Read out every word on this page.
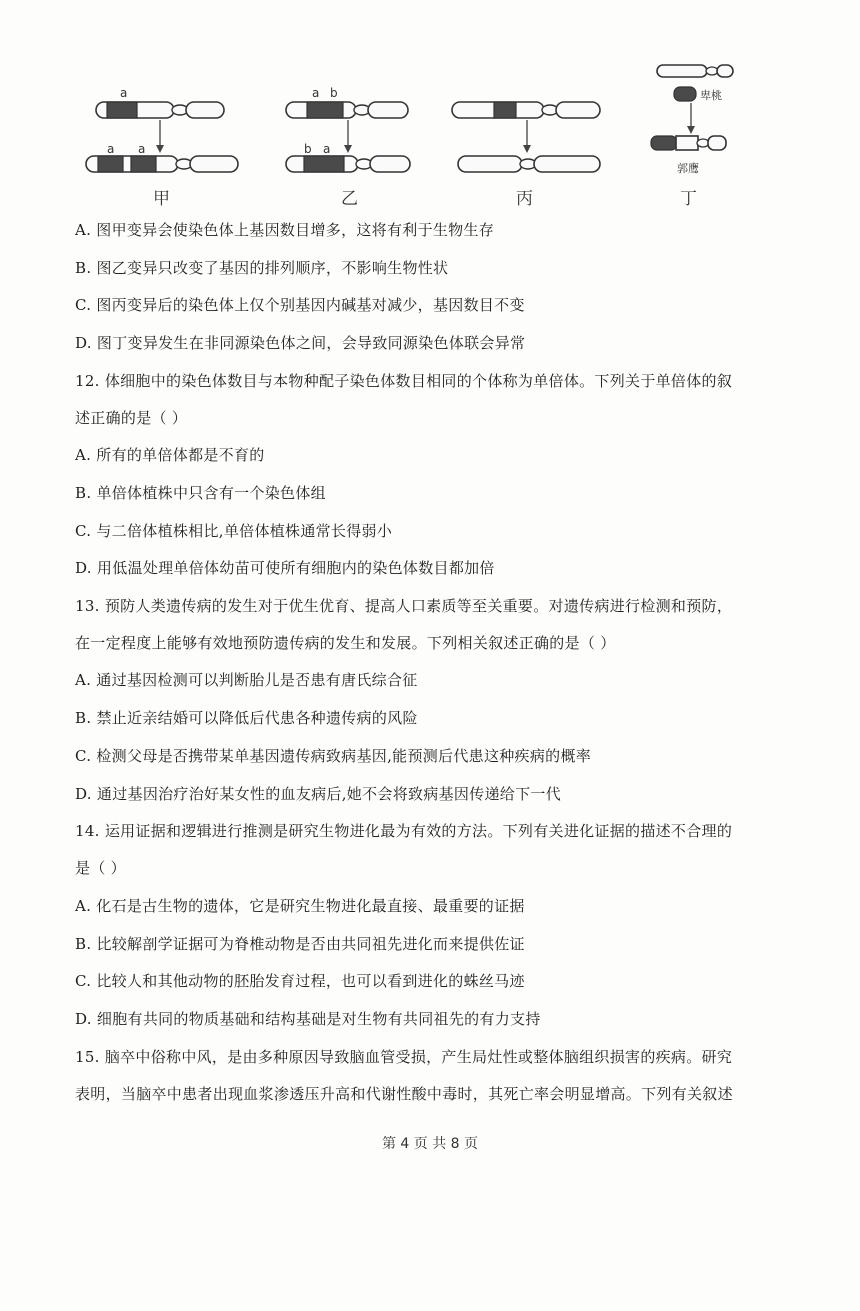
a
a a
a b
b a
卑桃
郭鹰
甲	乙	丙	丁
A. 图甲变异会使染色体上基因数目增多，这将有利于生物生存
B. 图乙变异只改变了基因的排列顺序，不影响生物性状
C. 图丙变异后的染色体上仅个别基因内碱基对减少，基因数目不变
D. 图丁变异发生在非同源染色体之间，会导致同源染色体联会异常
12. 体细胞中的染色体数目与本物种配子染色体数目相同的个体称为单倍体。下列关于单倍体的叙
述正确的是（ ）
A. 所有的单倍体都是不育的
B. 单倍体植株中只含有一个染色体组
C. 与二倍体植株相比,单倍体植株通常长得弱小
D. 用低温处理单倍体幼苗可使所有细胞内的染色体数目都加倍
13. 预防人类遗传病的发生对于优生优育、提高人口素质等至关重要。对遗传病进行检测和预防，
在一定程度上能够有效地预防遗传病的发生和发展。下列相关叙述正确的是（ ）
A. 通过基因检测可以判断胎儿是否患有唐氏综合征
B. 禁止近亲结婚可以降低后代患各种遗传病的风险
C. 检测父母是否携带某单基因遗传病致病基因,能预测后代患这种疾病的概率
D. 通过基因治疗治好某女性的血友病后,她不会将致病基因传递给下一代
14. 运用证据和逻辑进行推测是研究生物进化最为有效的方法。下列有关进化证据的描述不合理的
是（ ）
A. 化石是古生物的遗体，它是研究生物进化最直接、最重要的证据
B. 比较解剖学证据可为脊椎动物是否由共同祖先进化而来提供佐证
C. 比较人和其他动物的胚胎发育过程，也可以看到进化的蛛丝马迹
D. 细胞有共同的物质基础和结构基础是对生物有共同祖先的有力支持
15. 脑卒中俗称中风，是由多种原因导致脑血管受损，产生局灶性或整体脑组织损害的疾病。研究
表明，当脑卒中患者出现血浆渗透压升高和代谢性酸中毒时，其死亡率会明显增高。下列有关叙述
第 4 页 共 8 页
